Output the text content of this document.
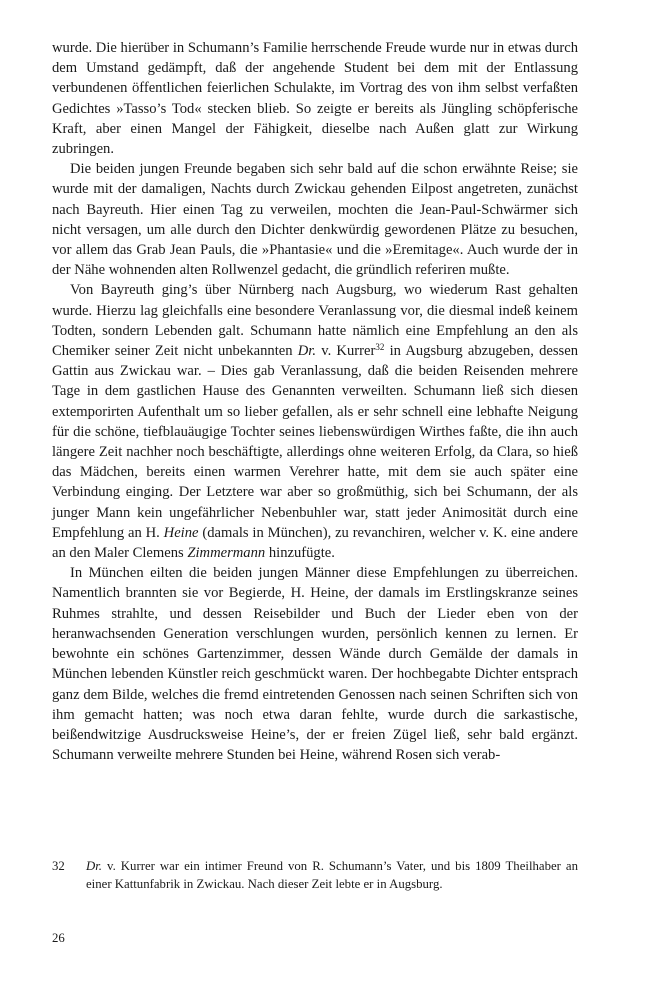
wurde. Die hierüber in Schumann’s Familie herrschende Freude wurde nur in etwas durch dem Umstand gedämpft, daß der angehende Student bei dem mit der Entlassung verbundenen öffentlichen feierlichen Schulakte, im Vortrag des von ihm selbst verfaßten Gedichtes »Tasso’s Tod« stecken blieb. So zeigte er bereits als Jüngling schöpferische Kraft, aber einen Mangel der Fähigkeit, dieselbe nach Außen glatt zur Wirkung zubringen.

Die beiden jungen Freunde begaben sich sehr bald auf die schon erwähnte Reise; sie wurde mit der damaligen, Nachts durch Zwickau gehenden Eilpost angetreten, zunächst nach Bayreuth. Hier einen Tag zu verweilen, mochten die Jean-Paul-Schwärmer sich nicht versagen, um alle durch den Dichter denkwürdig gewordenen Plätze zu besuchen, vor allem das Grab Jean Pauls, die »Phantasie« und die »Eremitage«. Auch wurde der in der Nähe wohnenden alten Rollwenzel gedacht, die gründlich referiren mußte.

Von Bayreuth ging’s über Nürnberg nach Augsburg, wo wiederum Rast gehalten wurde. Hierzu lag gleichfalls eine besondere Veranlassung vor, die diesmal indeß keinem Todten, sondern Lebenden galt. Schumann hatte nämlich eine Empfehlung an den als Chemiker seiner Zeit nicht unbekannten Dr. v. Kurrer$^{32}$ in Augsburg abzugeben, dessen Gattin aus Zwickau war. – Dies gab Veranlassung, daß die beiden Reisenden mehrere Tage in dem gastlichen Hause des Genannten verweilten. Schumann ließ sich diesen extemporirten Aufenthalt um so lieber gefallen, als er sehr schnell eine lebhafte Neigung für die schöne, tiefblauäugige Tochter seines liebenswürdigen Wirthes faßte, die ihn auch längere Zeit nachher noch beschäftigte, allerdings ohne weiteren Erfolg, da Clara, so hieß das Mädchen, bereits einen warmen Verehrer hatte, mit dem sie auch später eine Verbindung einging. Der Letztere war aber so großmüthig, sich bei Schumann, der als junger Mann kein ungefährlicher Nebenbuhler war, statt jeder Animosität durch eine Empfehlung an H. Heine (damals in München), zu revanchiren, welcher v. K. eine andere an den Maler Clemens Zimmermann hinzufügte.

In München eilten die beiden jungen Männer diese Empfehlungen zu überreichen. Namentlich brannten sie vor Begierde, H. Heine, der damals im Erstlingskranze seines Ruhmes strahlte, und dessen Reisebilder und Buch der Lieder eben von der heranwachsenden Generation verschlungen wurden, persönlich kennen zu lernen. Er bewohnte ein schönes Gartenzimmer, dessen Wände durch Gemälde der damals in München lebenden Künstler reich geschmückt waren. Der hochbegabte Dichter entsprach ganz dem Bilde, welches die fremd eintretenden Genossen nach seinen Schriften sich von ihm gemacht hatten; was noch etwa daran fehlte, wurde durch die sarkastische, beißendwitzige Ausdrucksweise Heine’s, der er freien Zügel ließ, sehr bald ergänzt. Schumann verweilte mehrere Stunden bei Heine, während Rosen sich verab-

32	Dr. v. Kurrer war ein intimer Freund von R. Schumann’s Vater, und bis 1809 Theilhaber an einer Kattunfabrik in Zwickau. Nach dieser Zeit lebte er in Augsburg.
26
